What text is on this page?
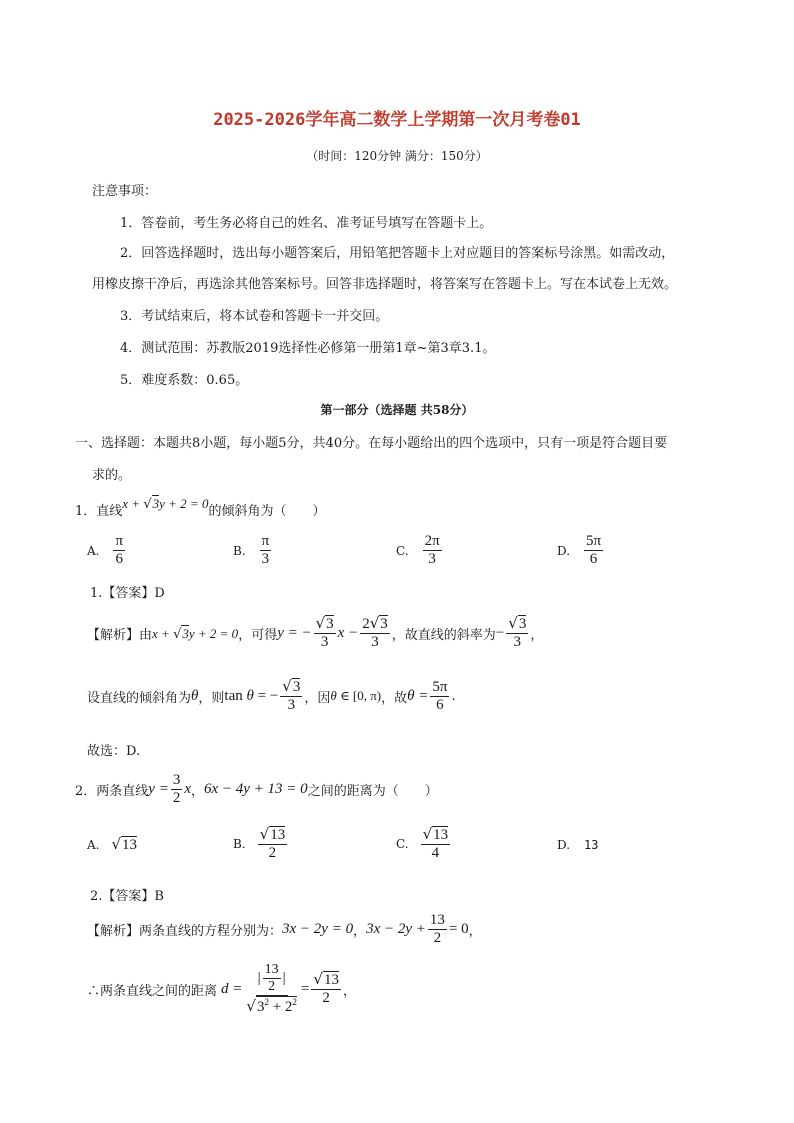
2025-2026学年高二数学上学期第一次月考卷01
（时间：120分钟 满分：150分）
注意事项：
1．答卷前，考生务必将自己的姓名、准考证号填写在答题卡上。
2．回答选择题时，选出每小题答案后，用铅笔把答题卡上对应题目的答案标号涂黑。如需改动，
用橡皮擦干净后，再选涂其他答案标号。回答非选择题时，将答案写在答题卡上。写在本试卷上无效。
3．考试结束后，将本试卷和答题卡一并交回。
4．测试范围：苏教版2019选择性必修第一册第1章~第3章3.1。
5．难度系数：0.65。
第一部分（选择题 共58分）
一、选择题：本题共8小题，每小题5分，共40分。在每小题给出的四个选项中，只有一项是符合题目要
求的。
1．直线
x + √3y + 2 = 0
的倾斜角为（　　）
A. $\frac{\pi}{6}$	B. $\frac{\pi}{3}$	C. $\frac{2\pi}{3}$	D. $\frac{5\pi}{6}$
1.【答案】D
【解析】由 x + √3y + 2 = 0 ，可得 y = − $\frac{√3}{3}$ $x - \frac{2√3}{3}$ ，故直线的斜率为 − $\frac{√3}{3}$ ，
设直线的倾斜角为 θ ，则 tan θ = − $\frac{√3}{3}$ ，因 θ ∈ [0, π) ，故 $\theta = \frac{5\pi}{6}$ .
故选：D.
2．两条直线 $y = \frac{3}{2}$ x ， 6x − 4y + 13 = 0 之间的距离为（　　）
A. √13	B. $\frac{√13}{2}$	C. $\frac{√13}{4}$	D. 13
2.【答案】B
【解析】两条直线的方程分别为： 3x − 2y = 0 ， $3x - 2y + \frac{13}{2} = 0$ ，
∴两条直线之间的距离 $d = \frac{| \frac{13}{2} |}{√3^2 + 2^2} = \frac{√13}{2}$ ，
